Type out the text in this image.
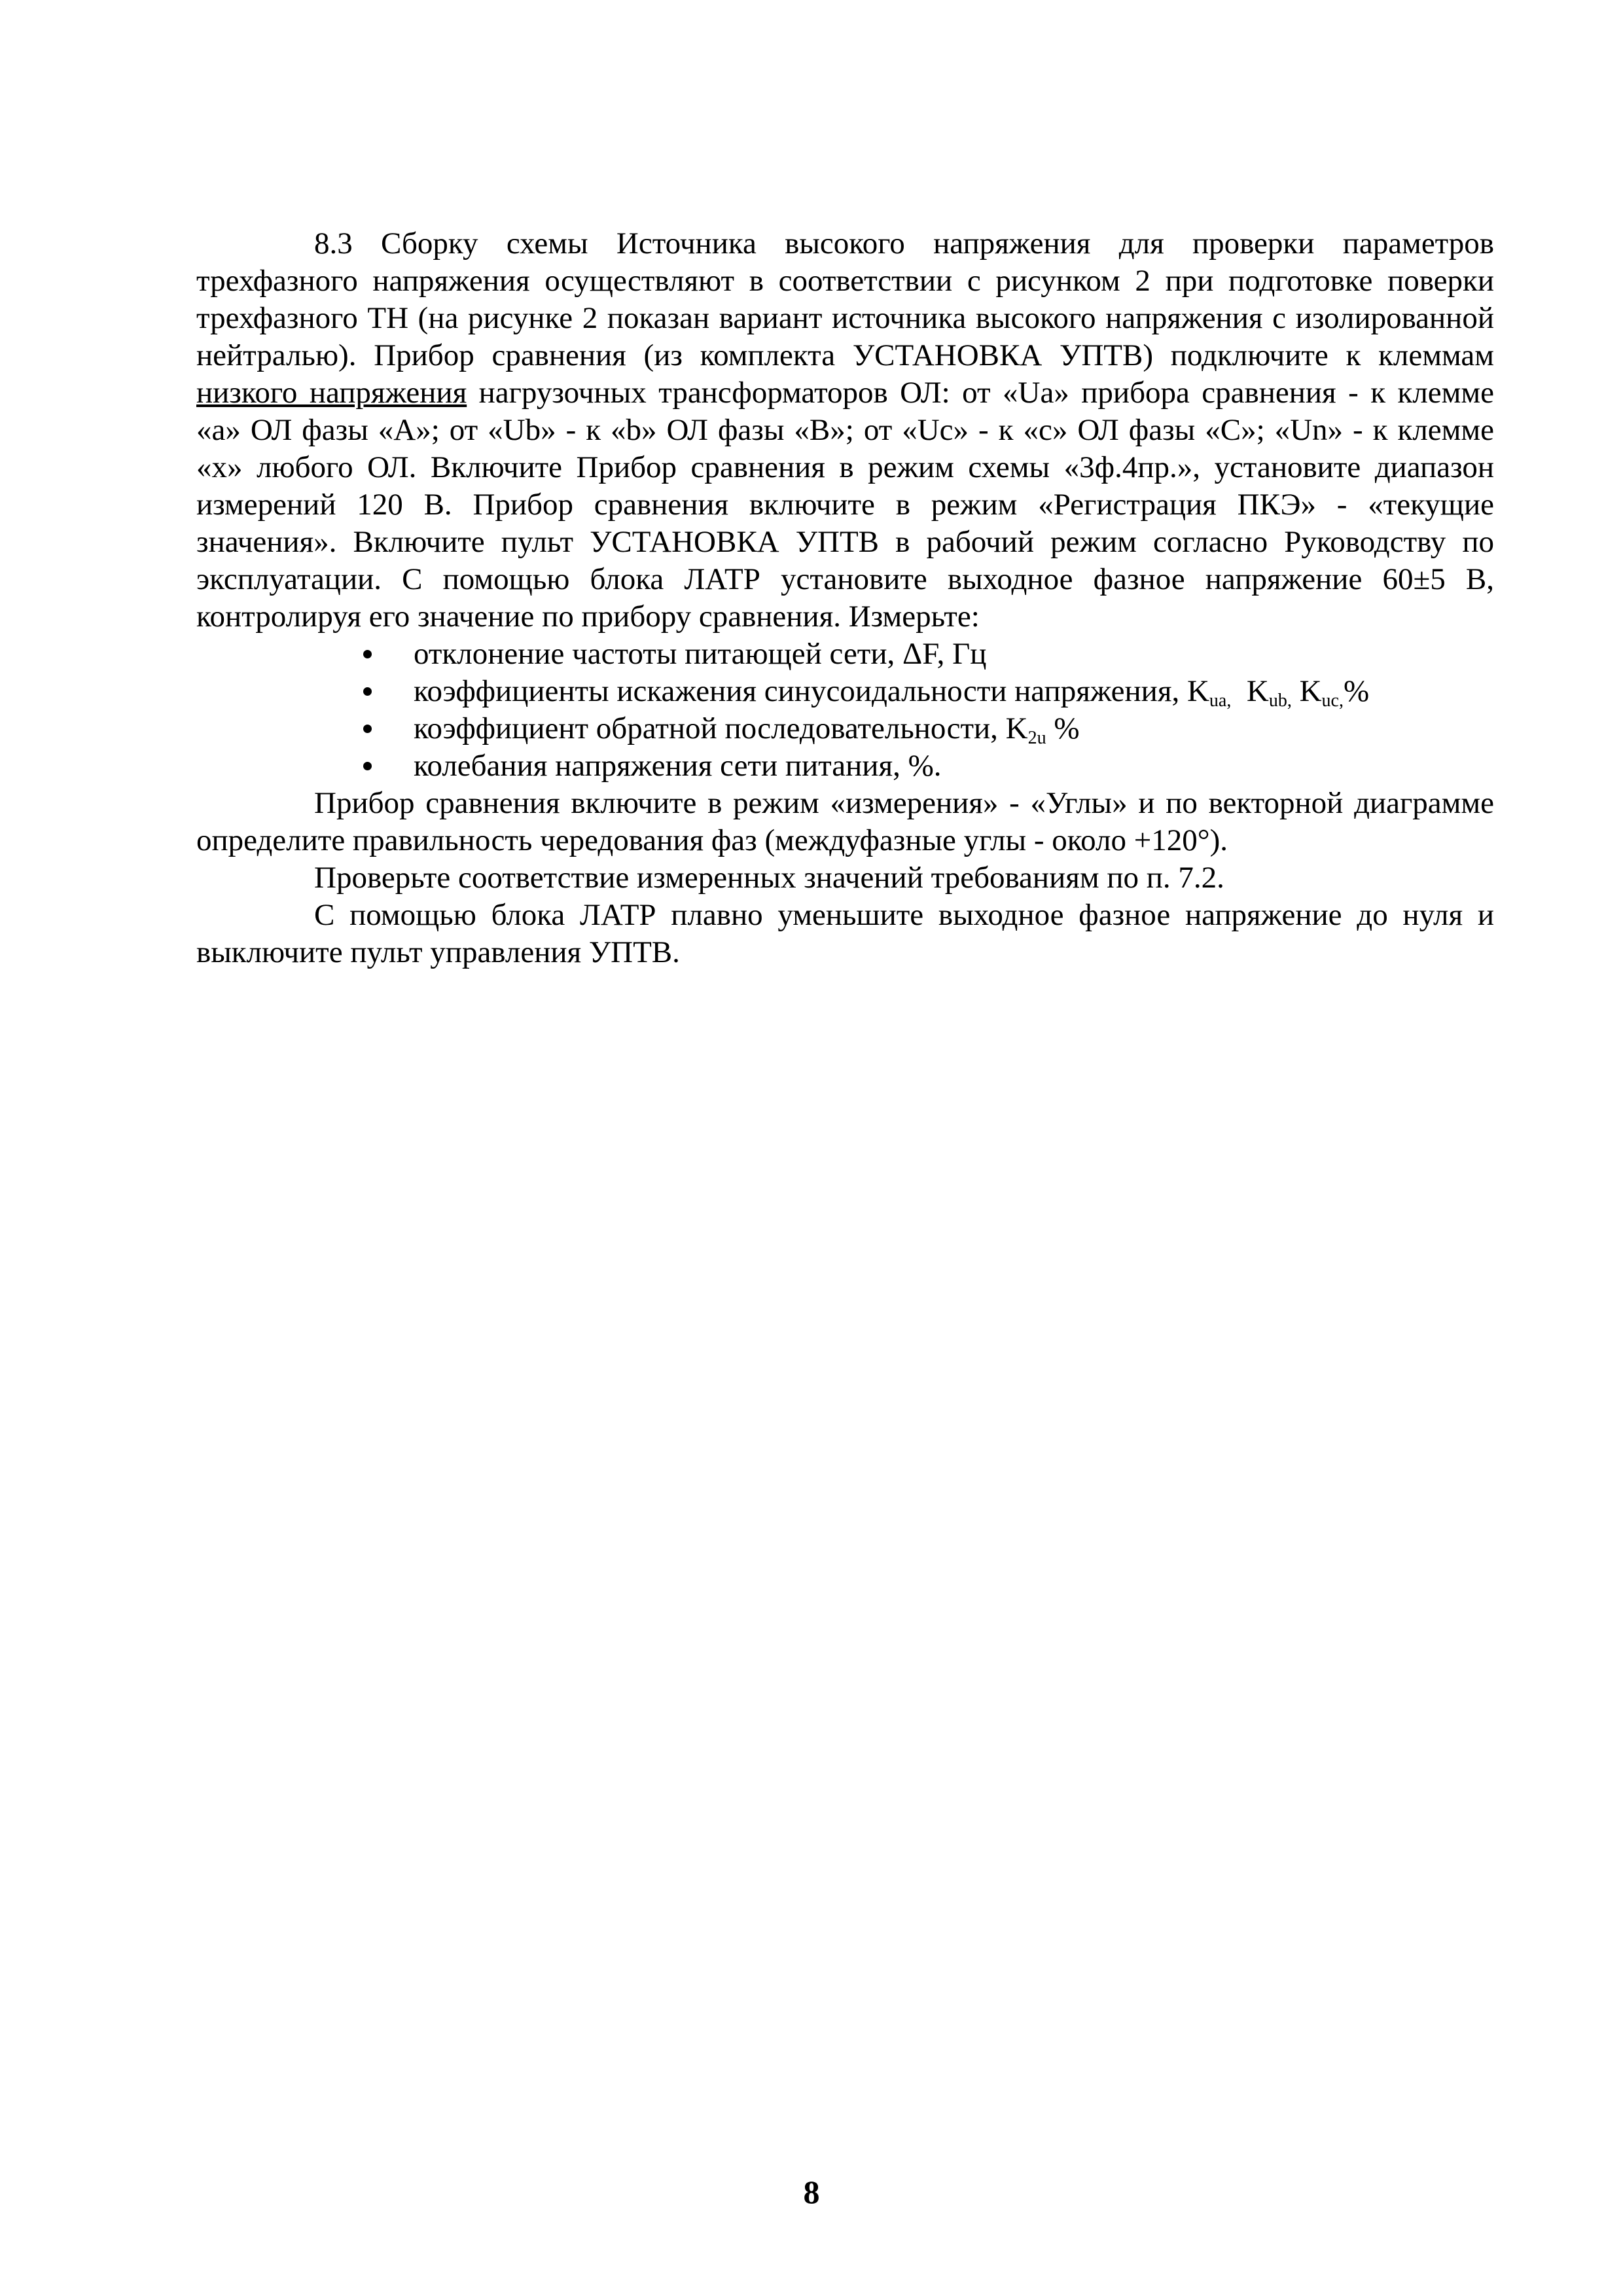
8.3 Сборку схемы Источника высокого напряжения для проверки параметров трехфазного напряжения осуществляют в соответствии с рисунком 2 при подготовке поверки трехфазного ТН (на рисунке 2 показан вариант источника высокого напряжения с изолированной нейтралью). Прибор сравнения (из комплекта УСТАНОВКА УПТВ) подключите к клеммам низкого напряжения нагрузочных трансформаторов ОЛ: от «Ua» прибора сравнения - к клемме «а» ОЛ фазы «А»; от «Ub» - к «b» ОЛ фазы «В»; от «Uc» - к «с» ОЛ фазы «С»; «Un» - к клемме «х» любого ОЛ. Включите Прибор сравнения в режим схемы «3ф.4пр.», установите диапазон измерений 120 В. Прибор сравнения включите в режим «Регистрация ПКЭ» - «текущие значения». Включите пульт УСТАНОВКА УПТВ в рабочий режим согласно Руководству по эксплуатации. С помощью блока ЛАТР установите выходное фазное напряжение 60±5 В, контролируя его значение по прибору сравнения. Измерьте:

отклонение частоты питающей сети, ΔF, Гц
коэффициенты искажения синусоидальности напряжения, $K_{ua,}$ $K_{ub,}$ $K_{uc,}\%$
коэффициент обратной последовательности, $K_{2u}$ %
колебания напряжения сети питания, %.

Прибор сравнения включите в режим «измерения» - «Углы» и по векторной диаграмме определите правильность чередования фаз (междуфазные углы - около +120°).

Проверьте соответствие измеренных значений требованиям по п. 7.2.

С помощью блока ЛАТР плавно уменьшите выходное фазное напряжение до нуля и выключите пульт управления УПТВ.

8
